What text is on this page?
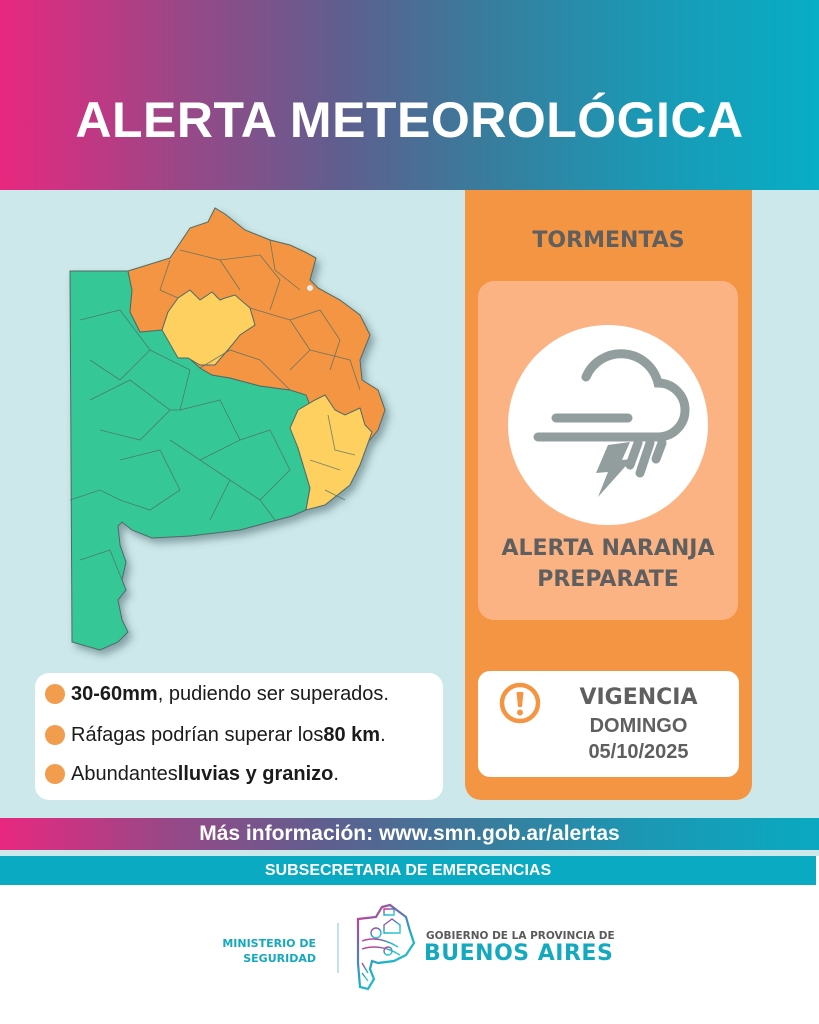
ALERTA METEOROLÓGICA
30-60mm , pudiendo ser superados.
Ráfagas podrían superar los 80 km .
Abundantes lluvias y granizo .
TORMENTAS
ALERTA NARANJA
PREPARATE
VIGENCIA
DOMINGO
05/10/2025
Más información: www.smn.gob.ar/alertas
SUBSECRETARIA DE EMERGENCIAS
MINISTERIO DE
SEGURIDAD
GOBIERNO DE LA PROVINCIA DE
BUENOS AIRES
